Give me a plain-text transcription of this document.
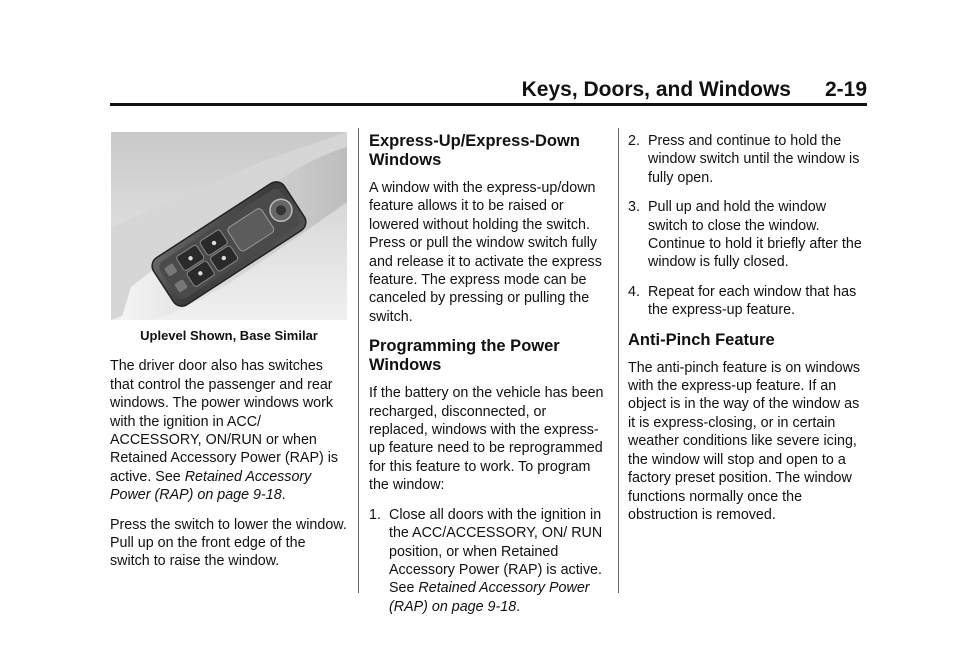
Keys, Doors, and Windows 2-19
Uplevel Shown, Base Similar

The driver door also has switches that control the passenger and rear windows. The power windows work with the ignition in ACC/ ACCESSORY, ON/RUN or when Retained Accessory Power (RAP) is active. See Retained Accessory Power (RAP) on page 9-18.

Press the switch to lower the window. Pull up on the front edge of the switch to raise the window.

Express-Up/Express-Down Windows

A window with the express-up/down feature allows it to be raised or lowered without holding the switch. Press or pull the window switch fully and release it to activate the express feature. The express mode can be canceled by pressing or pulling the switch.

Programming the Power Windows

If the battery on the vehicle has been recharged, disconnected, or replaced, windows with the express-up feature need to be reprogrammed for this feature to work. To program the window:

1. Close all doors with the ignition in the ACC/ACCESSORY, ON/ RUN position, or when Retained Accessory Power (RAP) is active. See Retained Accessory Power (RAP) on page 9-18.
2. Press and continue to hold the window switch until the window is fully open.
3. Pull up and hold the window switch to close the window. Continue to hold it briefly after the window is fully closed.
4. Repeat for each window that has the express-up feature.
Anti-Pinch Feature

The anti-pinch feature is on windows with the express-up feature. If an object is in the way of the window as it is express-closing, or in certain weather conditions like severe icing, the window will stop and open to a factory preset position. The window functions normally once the obstruction is removed.
